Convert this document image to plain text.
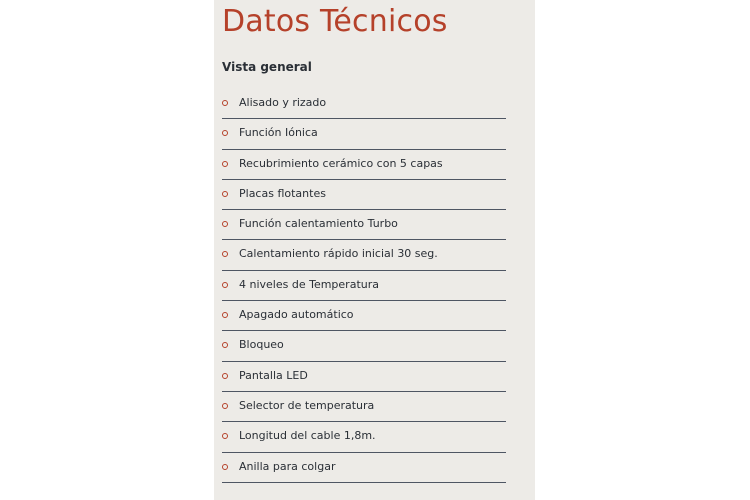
Datos Técnicos
Vista general
Alisado y rizado
Función Iónica
Recubrimiento cerámico con 5 capas
Placas flotantes
Función calentamiento Turbo
Calentamiento rápido inicial 30 seg.
4 niveles de Temperatura
Apagado automático
Bloqueo
Pantalla LED
Selector de temperatura
Longitud del cable 1,8m.
Anilla para colgar
